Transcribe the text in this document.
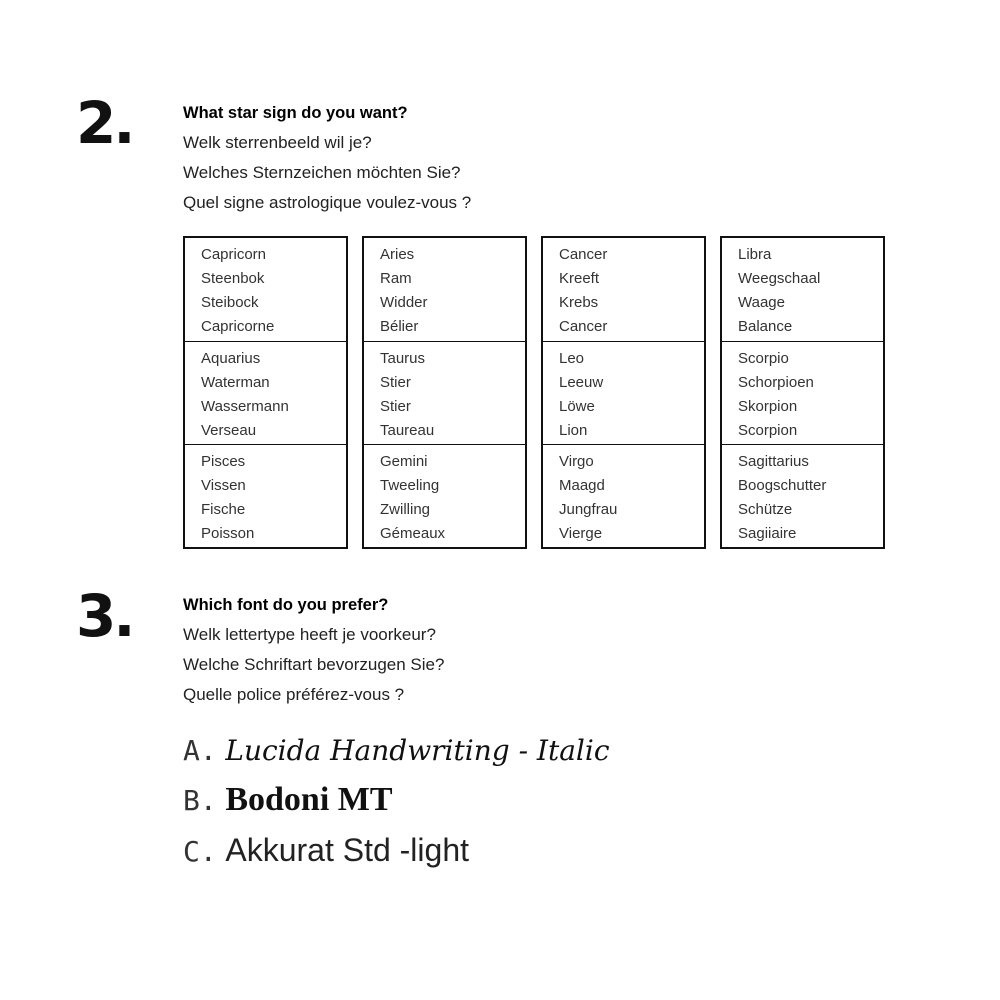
2.	What star sign do you want?
Welk sterrenbeeld wil je?
Welches Sternzeichen möchten Sie?
Quel signe astrologique voulez-vous ?
Capricorn
Steenbok
Steibock
Capricorne
Aquarius
Waterman
Wassermann
Verseau
Pisces
Vissen
Fische
Poisson
Aries
Ram
Widder
Bélier
Taurus
Stier
Stier
Taureau
Gemini
Tweeling
Zwilling
Gémeaux
Cancer
Kreeft
Krebs
Cancer
Leo
Leeuw
Löwe
Lion
Virgo
Maagd
Jungfrau
Vierge
Libra
Weegschaal
Waage
Balance
Scorpio
Schorpioen
Skorpion
Scorpion
Sagittarius
Boogschutter
Schütze
Sagiiaire
3.	Which font do you prefer?
Welk lettertype heeft je voorkeur?
Welche Schriftart bevorzugen Sie?
Quelle police préférez-vous ?
A. Lucida Handwriting - Italic
B. Bodoni MT
C. Akkurat Std -light
